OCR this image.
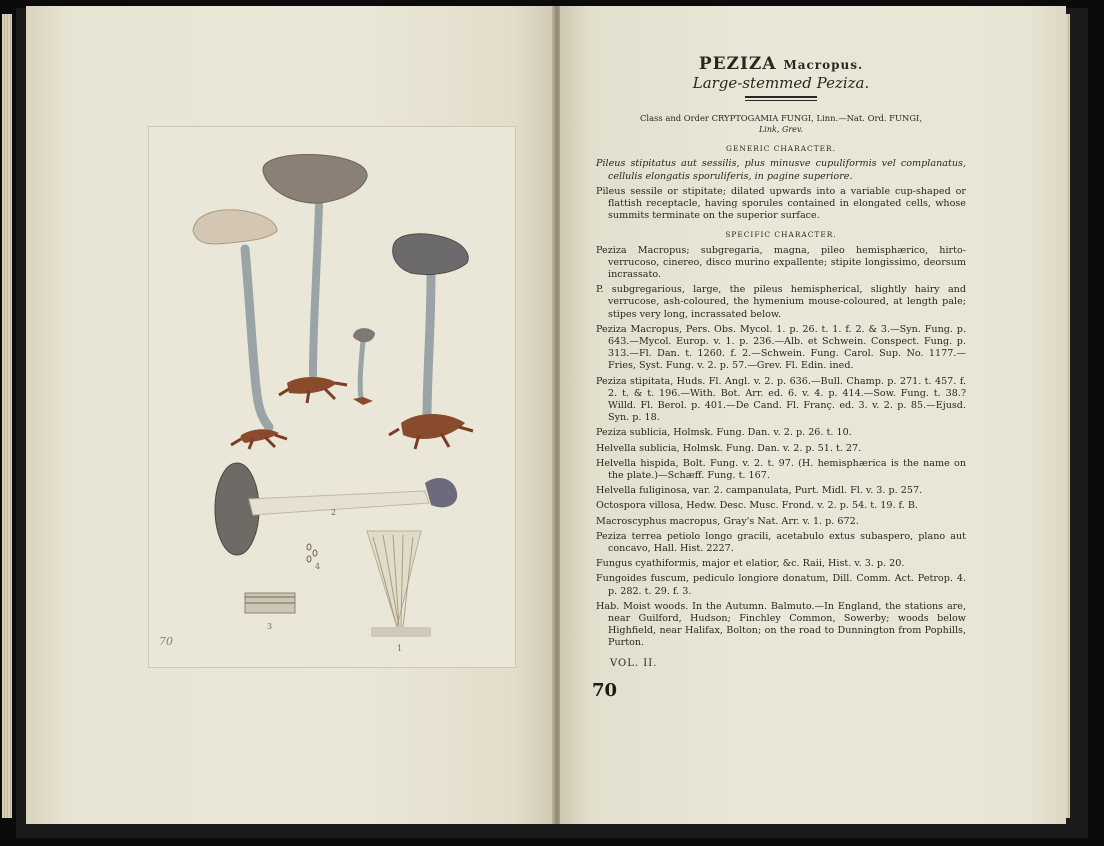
2
3
4
1
70
PEZIZA Macropus.
Large-stemmed Peziza.
Class and Order CRYPTOGAMIA FUNGI, Linn.—Nat. Ord. FUNGI,
Link, Grev.
GENERIC CHARACTER.
Pileus stipitatus aut sessilis, plus minusve cupuliformis vel complanatus, cellulis elongatis sporuliferis, in pagine superiore.
Pileus sessile or stipitate; dilated upwards into a variable cup-shaped or flattish receptacle, having sporules contained in elongated cells, whose summits terminate on the superior surface.
SPECIFIC CHARACTER.
Peziza Macropus; subgregaria, magna, pileo hemisphærico, hirto-verrucoso, cinereo, disco murino expallente; stipite longissimo, deorsum incrassato.
P. subgregarious, large, the pileus hemispherical, slightly hairy and verrucose, ash-coloured, the hymenium mouse-coloured, at length pale; stipes very long, incrassated below.
Peziza Macropus, Pers. Obs. Mycol. 1. p. 26. t. 1. f. 2. & 3.—Syn. Fung. p. 643.—Mycol. Europ. v. 1. p. 236.—Alb. et Schwein. Conspect. Fung. p. 313.—Fl. Dan. t. 1260. f. 2.—Schwein. Fung. Carol. Sup. No. 1177.—Fries, Syst. Fung. v. 2. p. 57.—Grev. Fl. Edin. ined.
Peziza stipitata, Huds. Fl. Angl. v. 2. p. 636.—Bull. Champ. p. 271. t. 457. f. 2. t. & t. 196.—With. Bot. Arr. ed. 6. v. 4. p. 414.—Sow. Fung. t. 38.? Willd. Fl. Berol. p. 401.—De Cand. Fl. Franç. ed. 3. v. 2. p. 85.—Ejusd. Syn. p. 18.
Peziza sublicia, Holmsk. Fung. Dan. v. 2. p. 26. t. 10.
Helvella sublicia, Holmsk. Fung. Dan. v. 2. p. 51. t. 27.
Helvella hispida, Bolt. Fung. v. 2. t. 97. (H. hemisphærica is the name on the plate.)—Schæff. Fung. t. 167.
Helvella fuliginosa, var. 2. campanulata, Purt. Midl. Fl. v. 3. p. 257.
Octospora villosa, Hedw. Desc. Musc. Frond. v. 2. p. 54. t. 19. f. B.
Macroscyphus macropus, Gray's Nat. Arr. v. 1. p. 672.
Peziza terrea petiolo longo gracili, acetabulo extus subaspero, plano aut concavo, Hall. Hist. 2227.
Fungus cyathiformis, major et elatior, &c. Raii, Hist. v. 3. p. 20.
Fungoides fuscum, pediculo longiore donatum, Dill. Comm. Act. Petrop. 4. p. 282. t. 29. f. 3.
Hab. Moist woods. In the Autumn. Balmuto.—In England, the stations are, near Guilford, Hudson; Finchley Common, Sowerby; woods below Highfield, near Halifax, Bolton; on the road to Dunnington from Pophills, Purton.
VOL. II.
70
